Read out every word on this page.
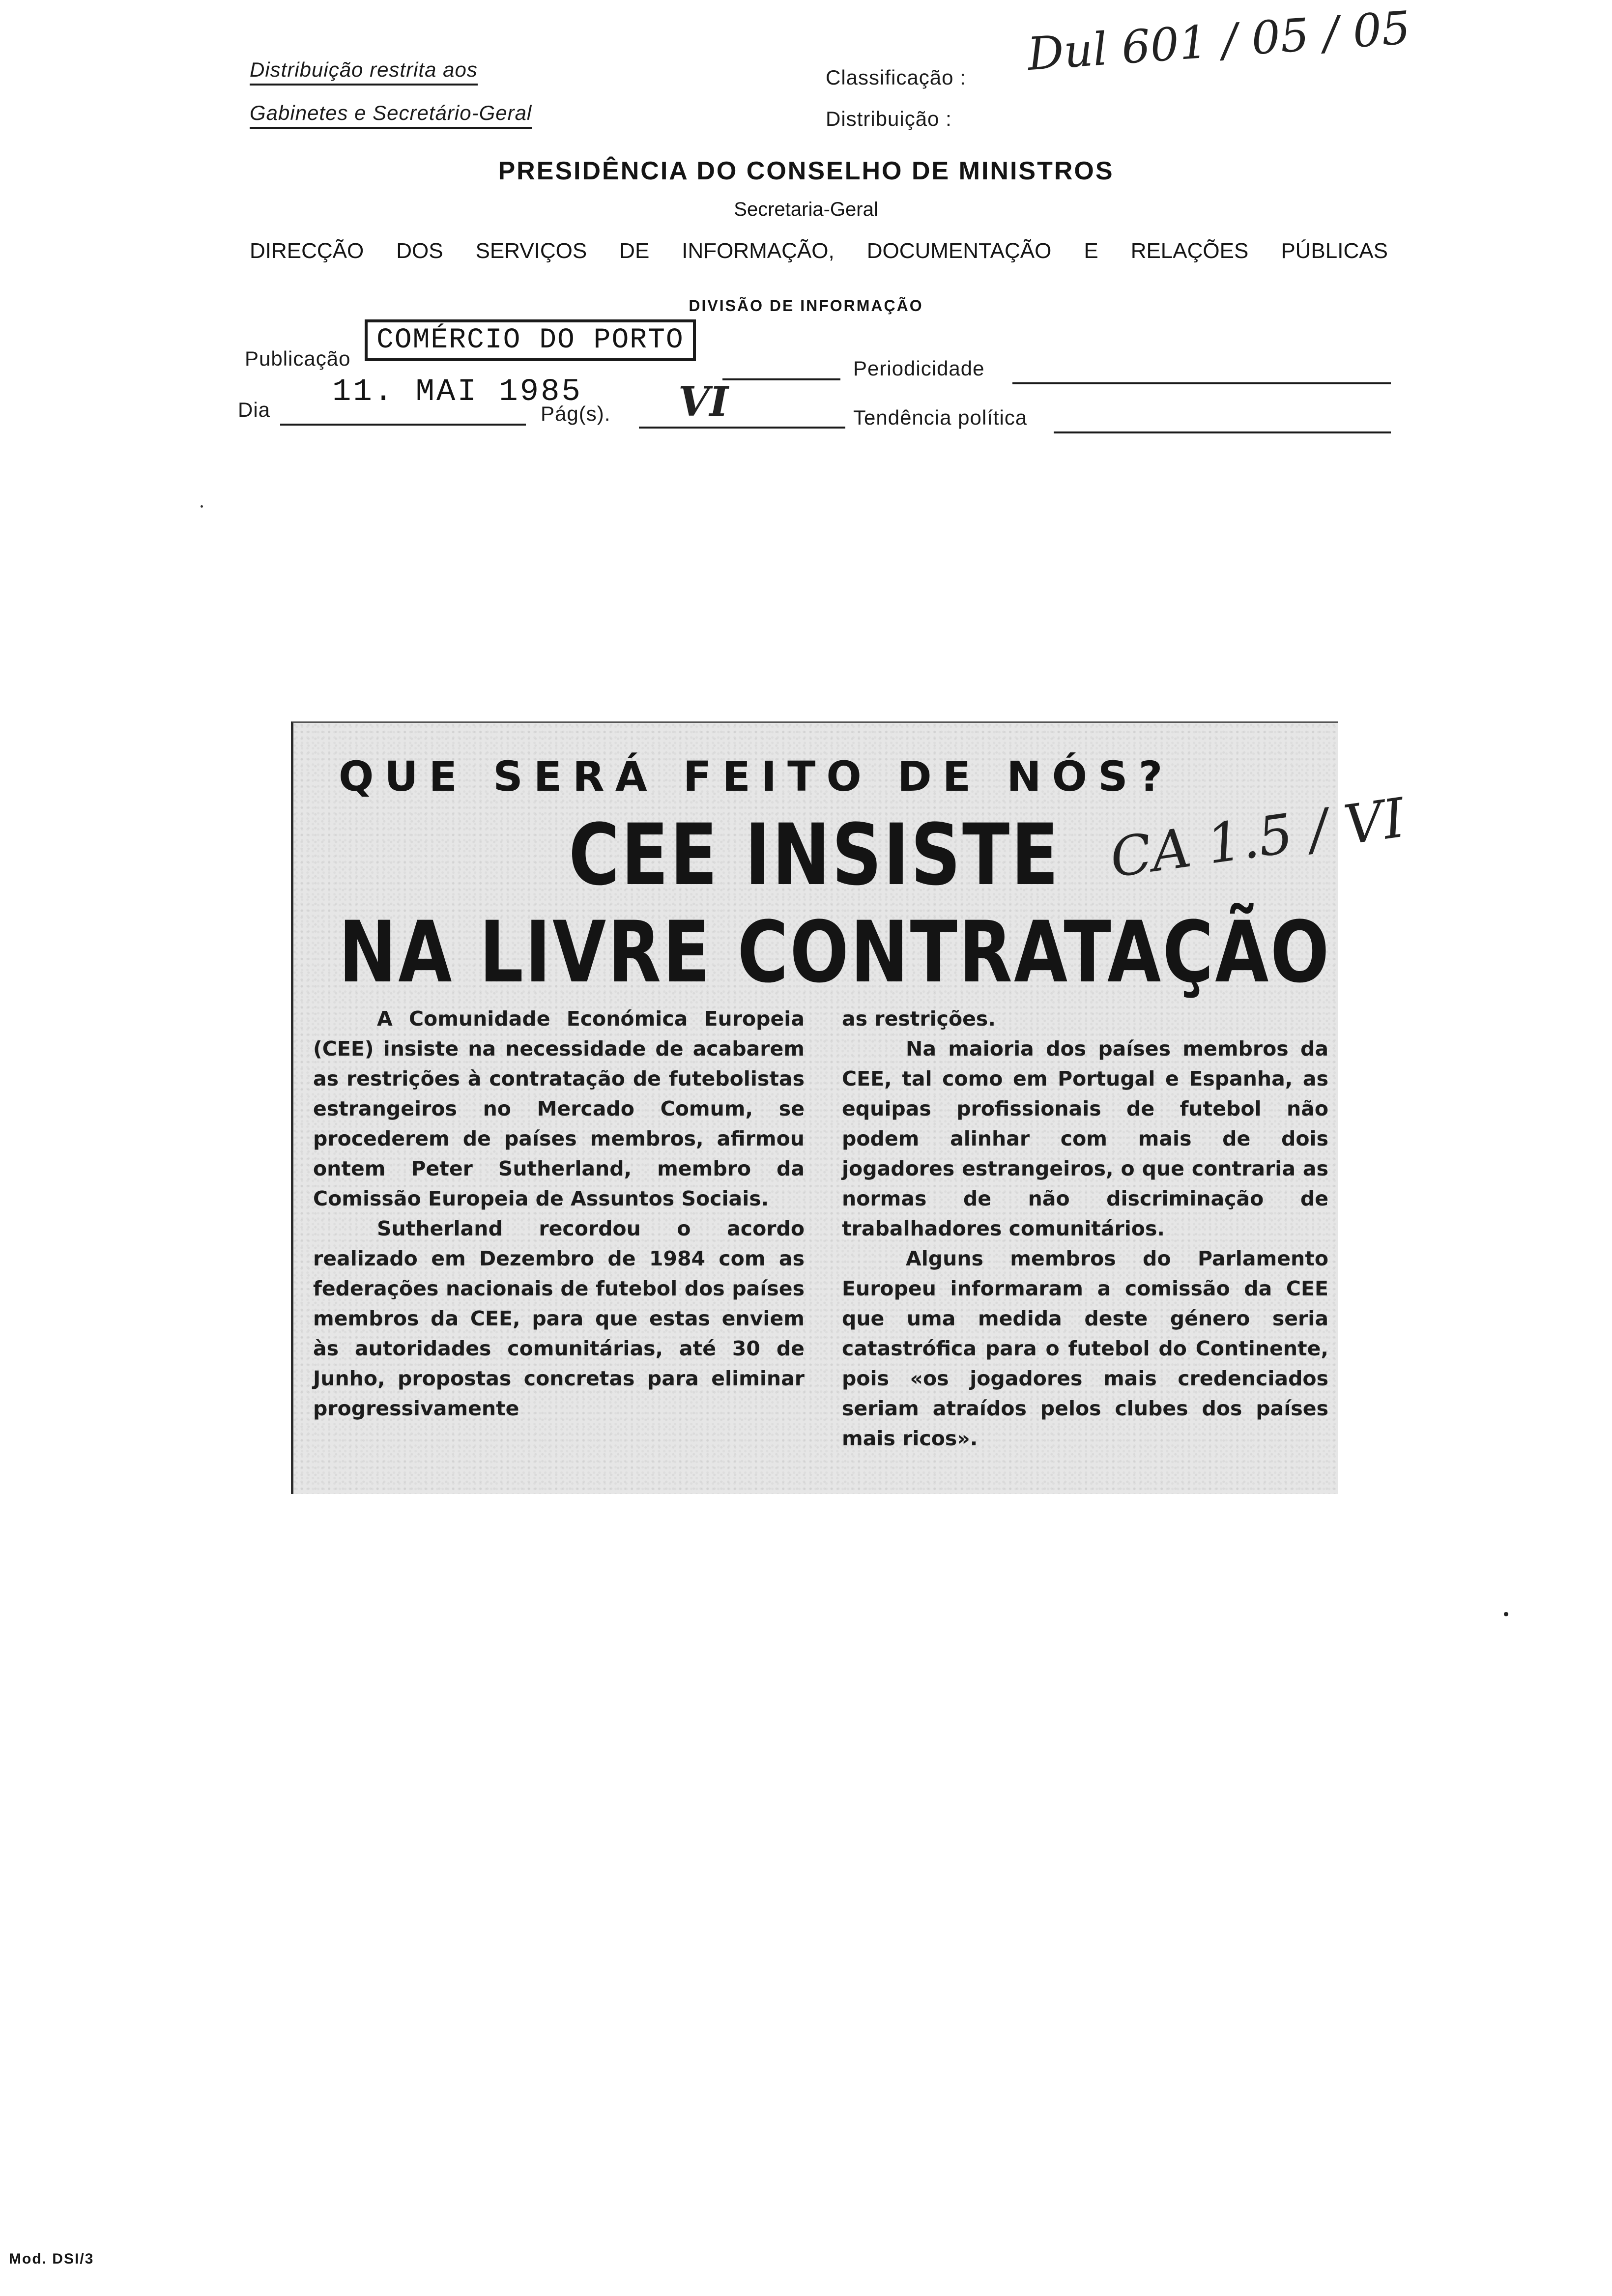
Distribuição restrita aos
Gabinetes e Secretário-Geral
Classificação :
Distribuição :
Dul 601 / 05 / 05
PRESIDÊNCIA DO CONSELHO DE MINISTROS
Secretaria-Geral
DIRECÇÃO DOS SERVIÇOS DE INFORMAÇÃO, DOCUMENTAÇÃO E RELAÇÕES PÚBLICAS
DIVISÃO DE INFORMAÇÃO
Publicação
COMÉRCIO DO PORTO
Periodicidade
Dia 11. MAI 1985
Pág(s). VI	Tendência política
QUE SERÁ FEITO DE NÓS?
CEE INSISTE
NA LIVRE CONTRATAÇÃO
CA 1.5 / VI

A Comunidade Económica Europeia (CEE) insiste na necessidade de acabarem as restrições à contratação de futebolistas estrangeiros no Mercado Comum, se procederem de países membros, afirmou ontem Peter Sutherland, membro da Comissão Europeia de Assuntos Sociais.

Sutherland recordou o acordo realizado em Dezembro de 1984 com as federações nacionais de futebol dos países membros da CEE, para que estas enviem às autoridades comunitárias, até 30 de Junho, propostas concretas para eliminar progressivamente

as restrições.

Na maioria dos países membros da CEE, tal como em Portugal e Espanha, as equipas profissionais de futebol não podem alinhar com mais de dois jogadores estrangeiros, o que contraria as normas de não discriminação de trabalhadores comunitários.

Alguns membros do Parlamento Europeu informaram a comissão da CEE que uma medida deste género seria catastrófica para o futebol do Continente, pois «os jogadores mais credenciados seriam atraídos pelos clubes dos países mais ricos».

Mod. DSI/3
